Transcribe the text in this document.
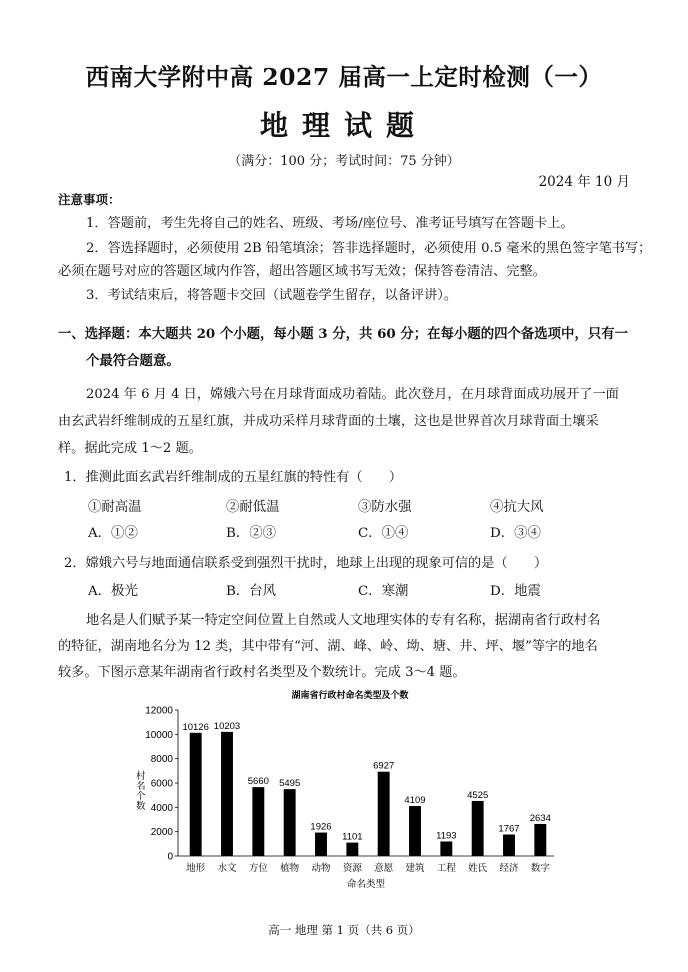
西南大学附中高 2027 届高一上定时检测（一）
地理试题
（满分：100 分；考试时间：75 分钟）
2024 年 10 月
注意事项：
1．答题前，考生先将自己的姓名、班级、考场/座位号、准考证号填写在答题卡上。
2．答选择题时，必须使用 2B 铅笔填涂；答非选择题时，必须使用 0.5 毫米的黑色签字笔书写；
必须在题号对应的答题区域内作答，超出答题区域书写无效；保持答卷清洁、完整。
3．考试结束后，将答题卡交回（试题卷学生留存，以备评讲）。
一、选择题：本大题共 20 个小题，每小题 3 分，共 60 分；在每小题的四个备选项中，只有一
个最符合题意。
2024 年 6 月 4 日，嫦娥六号在月球背面成功着陆。此次登月，在月球背面成功展开了一面
由玄武岩纤维制成的五星红旗，并成功采样月球背面的土壤，这也是世界首次月球背面土壤采
样。据此完成 1～2 题。
1．推测此面玄武岩纤维制成的五星红旗的特性有（　　）
①耐高温	②耐低温	③防水强	④抗大风
A．①②	B．②③	C．①④	D．③④
2．嫦娥六号与地面通信联系受到强烈干扰时，地球上出现的现象可信的是（　　）
A．极光	B．台风	C．寒潮	D．地震
地名是人们赋予某一特定空间位置上自然或人文地理实体的专有名称，据湖南省行政村名
的特征，湖南地名分为 12 类，其中带有“河、湖、峰、岭、坳、塘、井、坪、堰”等字的地名
较多。下图示意某年湖南省行政村名类型及个数统计。完成 3～4 题。
湖南省行政村命名类型及个数
村名个数
命名类型
0
2000
4000
6000
8000
10000
12000
10126
地形
10203
水文
5660
方位
5495
植物
1926
动物
1101
资源
6927
意愿
4109
建筑
1193
工程
4525
姓氏
1767
经济
2634
数字
高一 地理 第 1 页（共 6 页）
